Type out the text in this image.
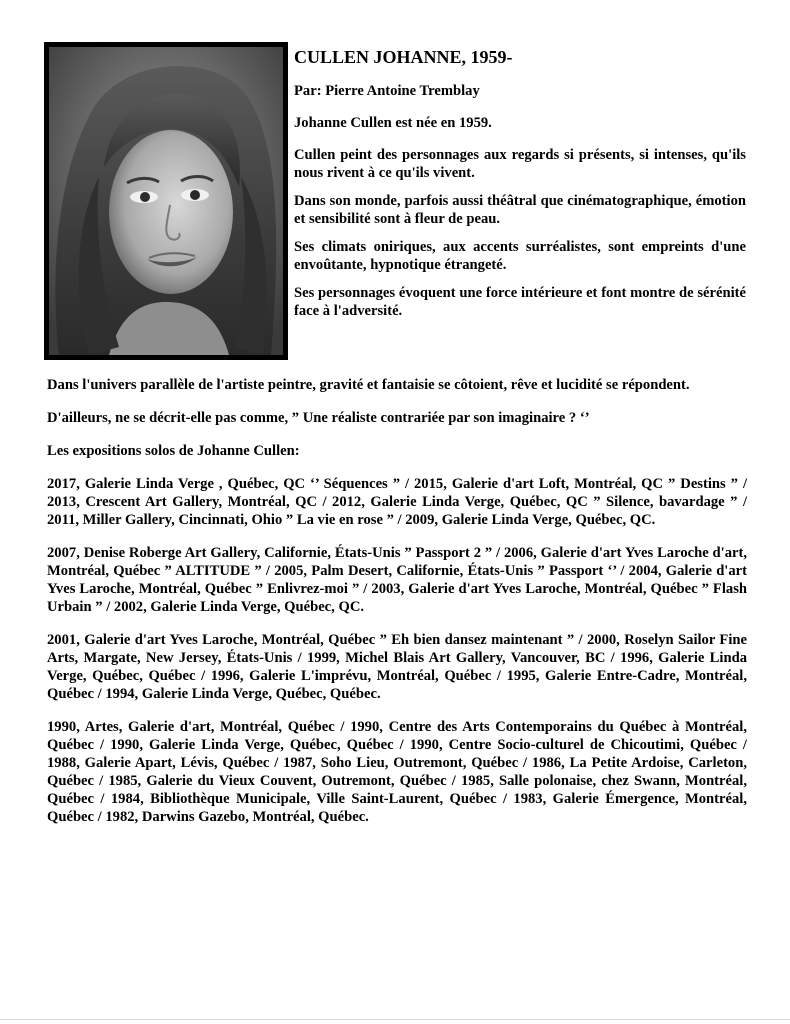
CULLEN JOHANNE, 1959-
Par: Pierre Antoine Tremblay
Johanne Cullen est née en 1959.
Cullen peint des personnages aux regards si présents, si intenses, qu'ils nous rivent à ce qu'ils vivent.
Dans son monde, parfois aussi théâtral que cinématographique, émotion et sensibilité sont à fleur de peau.
Ses climats oniriques, aux accents surréalistes, sont empreints d'une envoûtante, hypnotique étrangeté.
Ses personnages évoquent une force intérieure et font montre de sérénité face à l'adversité.
Dans l'univers parallèle de l'artiste peintre, gravité et fantaisie se côtoient, rêve et lucidité se répondent.
D'ailleurs, ne se décrit-elle pas comme, ” Une réaliste contrariée par son imaginaire ? ‘’
Les expositions solos de Johanne Cullen:
2017, Galerie Linda Verge , Québec, QC ‘’ Séquences ” / 2015, Galerie d'art Loft, Montréal, QC ” Destins ” / 2013, Crescent Art Gallery, Montréal, QC / 2012, Galerie Linda Verge, Québec, QC ” Silence, bavardage ” / 2011, Miller Gallery, Cincinnati, Ohio ” La vie en rose ” / 2009, Galerie Linda Verge, Québec, QC.
2007, Denise Roberge Art Gallery, Californie, États-Unis ” Passport 2 ” / 2006, Galerie d'art Yves Laroche d'art, Montréal, Québec ” ALTITUDE ” / 2005, Palm Desert, Californie, États-Unis ” Passport ‘’ / 2004, Galerie d'art Yves Laroche, Montréal, Québec ” Enlivrez-moi ” / 2003, Galerie d'art Yves Laroche, Montréal, Québec ” Flash Urbain ” / 2002, Galerie Linda Verge, Québec, QC.
2001, Galerie d'art Yves Laroche, Montréal, Québec ” Eh bien dansez maintenant ” / 2000, Roselyn Sailor Fine Arts, Margate, New Jersey, États-Unis / 1999, Michel Blais Art Gallery, Vancouver, BC / 1996, Galerie Linda Verge, Québec, Québec / 1996, Galerie L'imprévu, Montréal, Québec / 1995, Galerie Entre-Cadre, Montréal, Québec / 1994, Galerie Linda Verge, Québec, Québec.
1990, Artes, Galerie d'art, Montréal, Québec / 1990, Centre des Arts Contemporains du Québec à Montréal, Québec / 1990, Galerie Linda Verge, Québec, Québec / 1990, Centre Socio-culturel de Chicoutimi, Québec / 1988, Galerie Apart, Lévis, Québec / 1987, Soho Lieu, Outremont, Québec / 1986, La Petite Ardoise, Carleton, Québec / 1985, Galerie du Vieux Couvent, Outremont, Québec / 1985, Salle polonaise, chez Swann, Montréal, Québec / 1984, Bibliothèque Municipale, Ville Saint-Laurent, Québec / 1983, Galerie Émergence, Montréal, Québec / 1982, Darwins Gazebo, Montréal, Québec.
